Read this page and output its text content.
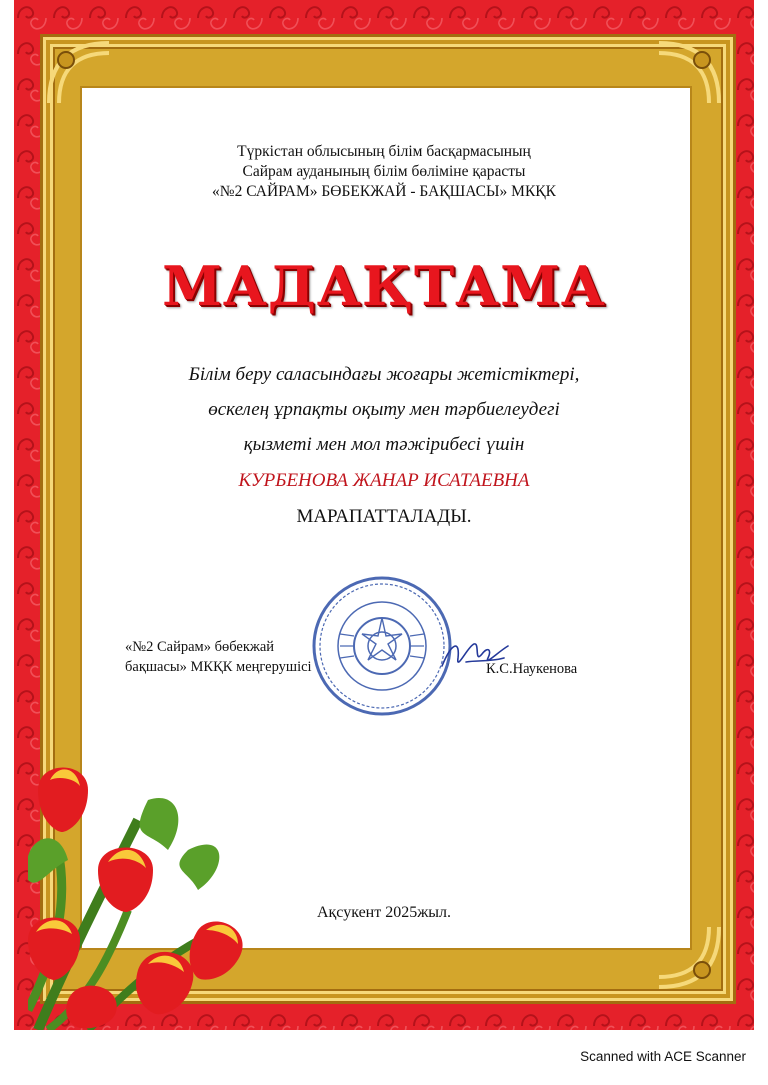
Түркістан облысының білім басқармасының
Сайрам ауданының білім бөліміне қарасты
«№2 САЙРАМ» БӨБЕКЖАЙ - БАҚШАСЫ» МКҚК
МАДАҚТАМА
Білім беру саласындағы жоғары жетістіктері,
өскелең ұрпақты оқыту мен тәрбиелеудегі
қызметі мен мол тәжірибесі үшін
КУРБЕНОВА ЖАНАР ИСАТАЕВНА
МАРАПАТТАЛАДЫ.
«№2 Сайрам» бөбекжай
бақшасы» МКҚК меңгерушісі	К.С.Наукенова
Ақсукент 2025жыл.
Scanned with ACE Scanner
